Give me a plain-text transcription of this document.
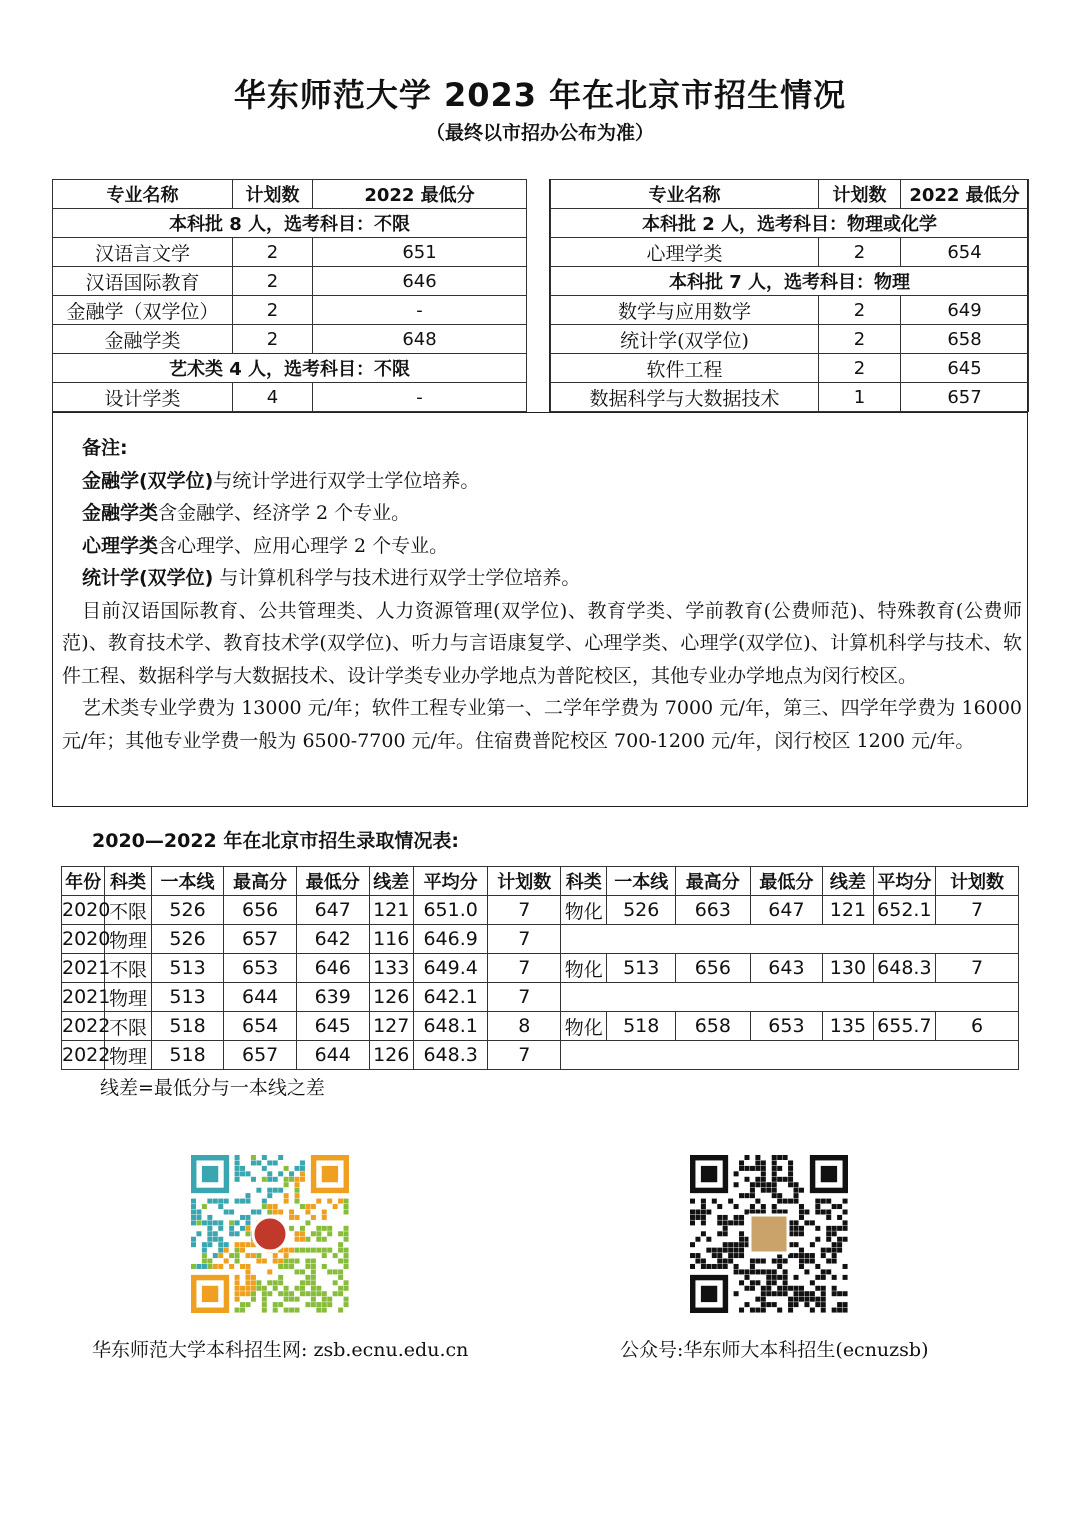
华东师范大学 2023 年在北京市招生情况
（最终以市招办公布为准）
专业名称	计划数	2022 最低分
本科批 8 人，选考科目：不限		
汉语言文学	2	651
汉语国际教育	2	646
金融学（双学位）	2	-
金融学类	2	648
艺术类 4 人，选考科目：不限		
设计学类	4	-
专业名称	计划数	2022 最低分
本科批 2 人，选考科目：物理或化学		
心理学类	2	654
本科批 7 人，选考科目：物理		
数学与应用数学	2	649
统计学(双学位)	2	658
软件工程	2	645
数据科学与大数据技术	1	657

备注:

金融学(双学位)与统计学进行双学士学位培养。

金融学类含金融学、经济学 2 个专业。

心理学类含心理学、应用心理学 2 个专业。

统计学(双学位) 与计算机科学与技术进行双学士学位培养。

目前汉语国际教育、公共管理类、人力资源管理(双学位)、教育学类、学前教育(公费师范)、特殊教育(公费师范)、教育技术学、教育技术学(双学位)、听力与言语康复学、心理学类、心理学(双学位)、计算机科学与技术、软件工程、数据科学与大数据技术、设计学类专业办学地点为普陀校区，其他专业办学地点为闵行校区。

艺术类专业学费为 13000 元/年；软件工程专业第一、二学年学费为 7000 元/年，第三、四学年学费为 16000 元/年；其他专业学费一般为 6500-7700 元/年。住宿费普陀校区 700-1200 元/年，闵行校区 1200 元/年。

2020—2022 年在北京市招生录取情况表:
年份	科类	一本线	最高分	最低分	线差	平均分	计划数	科类	一本线	最高分	最低分	线差	平均分	计划数
2020	不限	526	656	647	121	651.0	7	物化	526	663	647	121	652.1	7
2020	物理	526	657	642	116	646.9	7							
2021	不限	513	653	646	133	649.4	7	物化	513	656	643	130	648.3	7
2021	物理	513	644	639	126	642.1	7							
2022	不限	518	654	645	127	648.1	8	物化	518	658	653	135	655.7	6
2022	物理	518	657	644	126	648.3	7							
线差=最低分与一本线之差
华东师范大学本科招生网: zsb.ecnu.edu.cn	公众号:华东师大本科招生(ecnuzsb)
